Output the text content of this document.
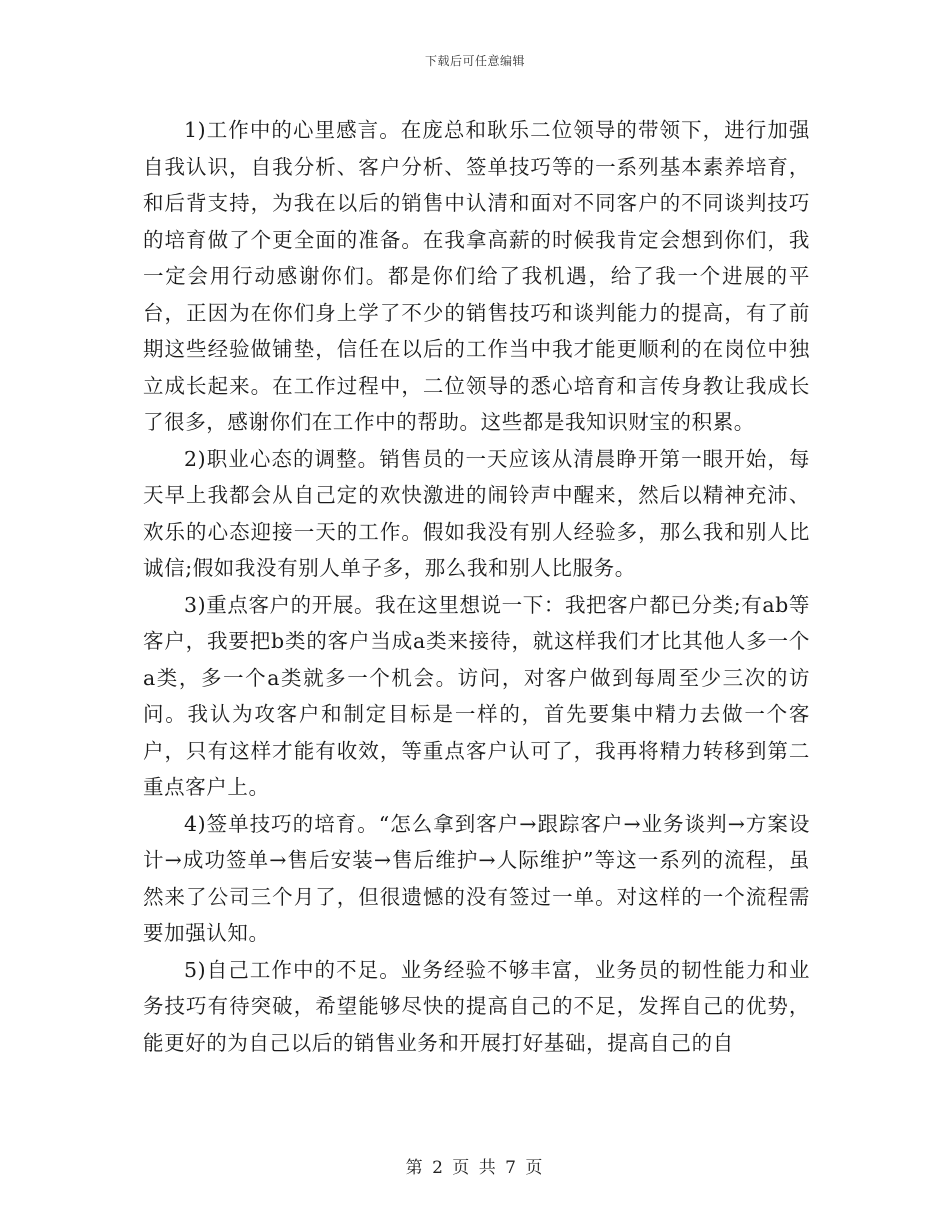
下载后可任意编辑

1)工作中的心里感言。在庞总和耿乐二位领导的带领下，进行加强自我认识，自我分析、客户分析、签单技巧等的一系列基本素养培育，和后背支持，为我在以后的销售中认清和面对不同客户的不同谈判技巧的培育做了个更全面的准备。在我拿高薪的时候我肯定会想到你们，我一定会用行动感谢你们。都是你们给了我机遇，给了我一个进展的平台，正因为在你们身上学了不少的销售技巧和谈判能力的提高，有了前期这些经验做铺垫，信任在以后的工作当中我才能更顺利的在岗位中独立成长起来。在工作过程中，二位领导的悉心培育和言传身教让我成长了很多，感谢你们在工作中的帮助。这些都是我知识财宝的积累。

2)职业心态的调整。销售员的一天应该从清晨睁开第一眼开始，每天早上我都会从自己定的欢快激进的闹铃声中醒来，然后以精神充沛、欢乐的心态迎接一天的工作。假如我没有别人经验多，那么我和别人比诚信;假如我没有别人单子多，那么我和别人比服务。

3)重点客户的开展。我在这里想说一下：我把客户都已分类;有ab等客户，我要把b类的客户当成a类来接待，就这样我们才比其他人多一个a类，多一个a类就多一个机会。访问，对客户做到每周至少三次的访问。我认为攻客户和制定目标是一样的，首先要集中精力去做一个客户，只有这样才能有收效，等重点客户认可了，我再将精力转移到第二重点客户上。

4)签单技巧的培育。“怎么拿到客户→跟踪客户→业务谈判→方案设计→成功签单→售后安装→售后维护→人际维护”等这一系列的流程，虽然来了公司三个月了，但很遗憾的没有签过一单。对这样的一个流程需要加强认知。

5)自己工作中的不足。业务经验不够丰富，业务员的韧性能力和业务技巧有待突破，希望能够尽快的提高自己的不足，发挥自己的优势，能更好的为自己以后的销售业务和开展打好基础，提高自己的自

第 2 页 共 7 页
